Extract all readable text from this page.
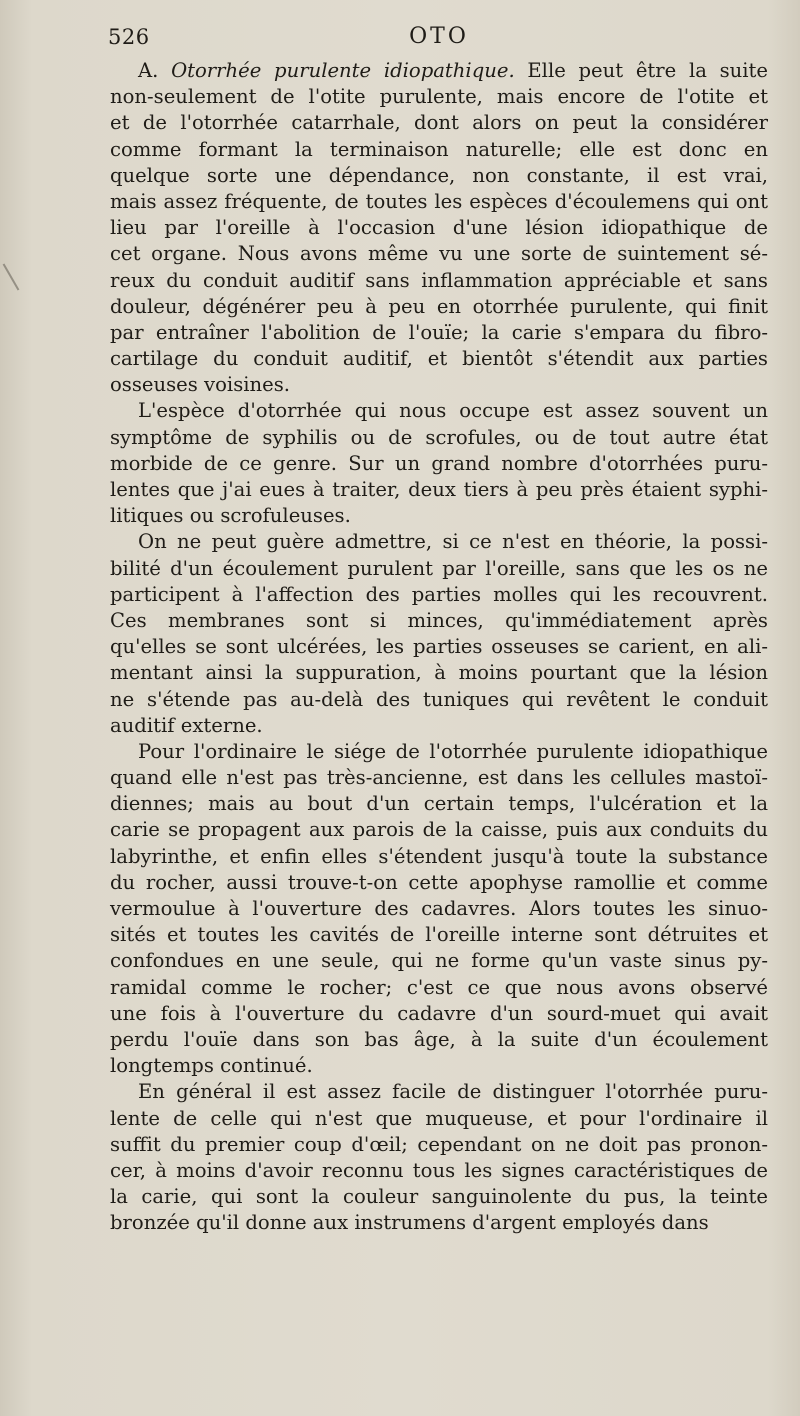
526	OTO
A. Otorrhée purulente idiopathique. Elle peut être la suite
non-seulement de l'otite purulente, mais encore de l'otite et
et de l'otorrhée catarrhale, dont alors on peut la considérer
comme formant la terminaison naturelle; elle est donc en
quelque sorte une dépendance, non constante, il est vrai,
mais assez fréquente, de toutes les espèces d'écoulemens qui ont
lieu par l'oreille à l'occasion d'une lésion idiopathique de
cet organe. Nous avons même vu une sorte de suintement sé-
reux du conduit auditif sans inflammation appréciable et sans
douleur, dégénérer peu à peu en otorrhée purulente, qui finit
par entraîner l'abolition de l'ouïe; la carie s'empara du fibro-
cartilage du conduit auditif, et bientôt s'étendit aux parties
osseuses voisines.
L'espèce d'otorrhée qui nous occupe est assez souvent un
symptôme de syphilis ou de scrofules, ou de tout autre état
morbide de ce genre. Sur un grand nombre d'otorrhées puru-
lentes que j'ai eues à traiter, deux tiers à peu près étaient syphi-
litiques ou scrofuleuses.
On ne peut guère admettre, si ce n'est en théorie, la possi-
bilité d'un écoulement purulent par l'oreille, sans que les os ne
participent à l'affection des parties molles qui les recouvrent.
Ces membranes sont si minces, qu'immédiatement après
qu'elles se sont ulcérées, les parties osseuses se carient, en ali-
mentant ainsi la suppuration, à moins pourtant que la lésion
ne s'étende pas au-delà des tuniques qui revêtent le conduit
auditif externe.
Pour l'ordinaire le siége de l'otorrhée purulente idiopathique
quand elle n'est pas très-ancienne, est dans les cellules mastoï-
diennes; mais au bout d'un certain temps, l'ulcération et la
carie se propagent aux parois de la caisse, puis aux conduits du
labyrinthe, et enfin elles s'étendent jusqu'à toute la substance
du rocher, aussi trouve-t-on cette apophyse ramollie et comme
vermoulue à l'ouverture des cadavres. Alors toutes les sinuo-
sités et toutes les cavités de l'oreille interne sont détruites et
confondues en une seule, qui ne forme qu'un vaste sinus py-
ramidal comme le rocher; c'est ce que nous avons observé
une fois à l'ouverture du cadavre d'un sourd-muet qui avait
perdu l'ouïe dans son bas âge, à la suite d'un écoulement
longtemps continué.
En général il est assez facile de distinguer l'otorrhée puru-
lente de celle qui n'est que muqueuse, et pour l'ordinaire il
suffit du premier coup d'œil; cependant on ne doit pas pronon-
cer, à moins d'avoir reconnu tous les signes caractéristiques de
la carie, qui sont la couleur sanguinolente du pus, la teinte
bronzée qu'il donne aux instrumens d'argent employés dans
